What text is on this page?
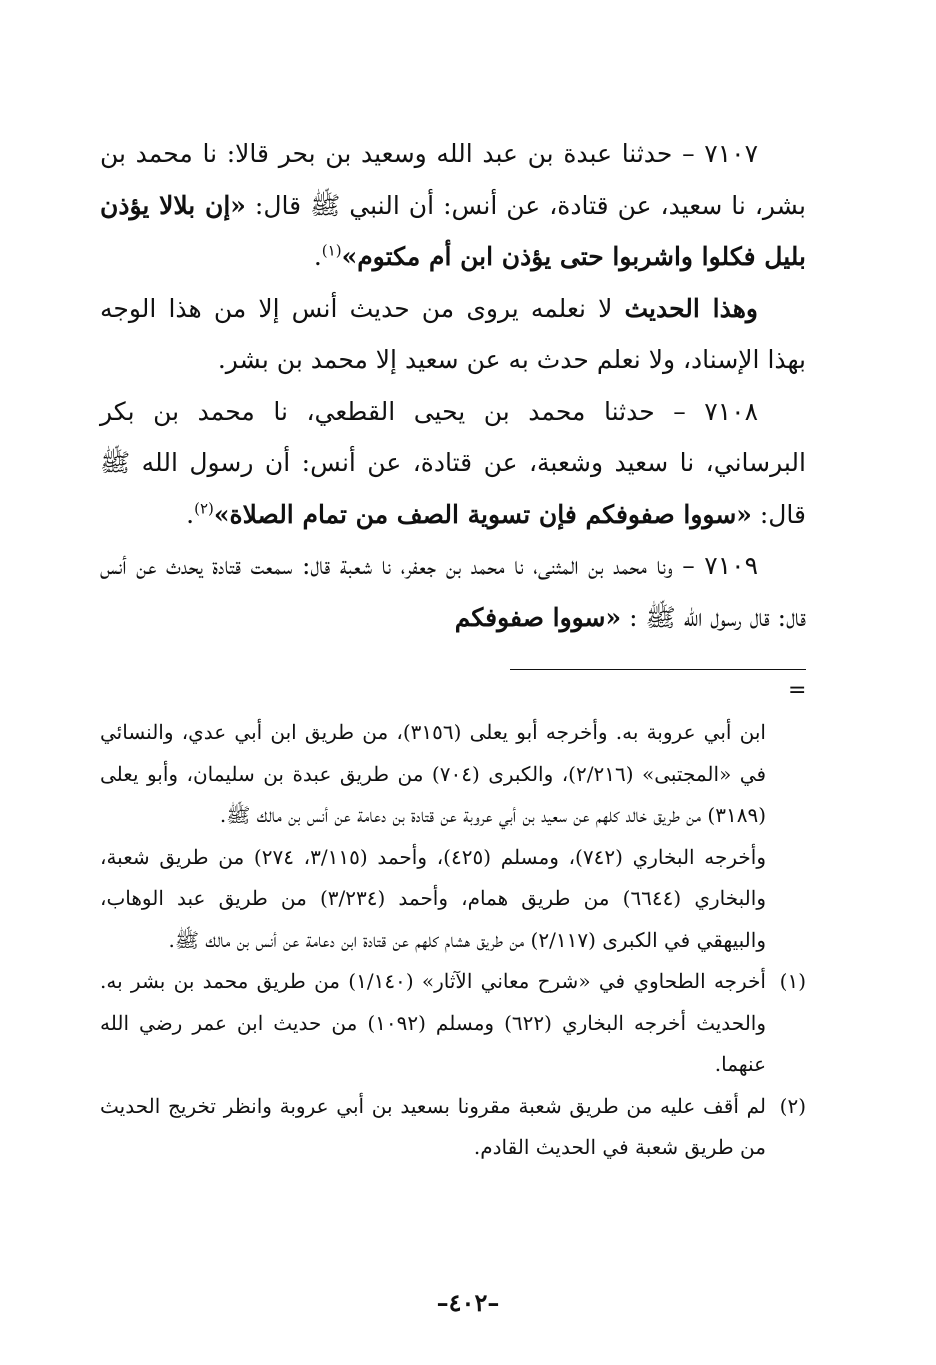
٧١٠٧ – حدثنا عبدة بن عبد الله وسعيد بن بحر قالا: نا محمد بن بشر، نا سعيد، عن قتادة، عن أنس: أن النبي ﷺ قال: «إن بلالا يؤذن بليل فكلوا واشربوا حتى يؤذن ابن أم مكتوم»$^{(١)}$.

وهذا الحديث لا نعلمه يروى من حديث أنس إلا من هذا الوجه بهذا الإسناد، ولا نعلم حدث به عن سعيد إلا محمد بن بشر.

٧١٠٨ – حدثنا محمد بن يحيى القطعي، نا محمد بن بكر البرساني، نا سعيد وشعبة، عن قتادة، عن أنس: أن رسول الله ﷺ قال: «سووا صفوفكم فإن تسوية الصف من تمام الصلاة»$^{(٢)}$.

٧١٠٩ – ونا محمد بن المثنى، نا محمد بن جعفر، نا شعبة قال: سمعت قتادة يحدث عن أنس قال: قال رسول الله ﷺ : «سووا صفوفكم

=

ابن أبي عروبة به. وأخرجه أبو يعلى (٣١٥٦)، من طريق ابن أبي عدي، والنسائي في «المجتبى» (٢/٢١٦)، والكبرى (٧٠٤) من طريق عبدة بن سليمان، وأبو يعلى (٣١٨٩) من طريق خالد كلهم عن سعيد بن أبي عروبة عن قتادة بن دعامة عن أنس بن مالك ﷺ.

وأخرجه البخاري (٧٤٢)، ومسلم (٤٢٥)، وأحمد (٣/١١٥، ٢٧٤) من طريق شعبة، والبخاري (٦٦٤٤) من طريق همام، وأحمد (٣/٢٣٤) من طريق عبد الوهاب، والبيهقي في الكبرى (٢/١١٧) من طريق هشام كلهم عن قتادة ابن دعامة عن أنس بن مالك ﷺ.

(١)
أخرجه الطحاوي في «شرح معاني الآثار» (١/١٤٠) من طريق محمد بن بشر به. والحديث أخرجه البخاري (٦٢٢) ومسلم (١٠٩٢) من حديث ابن عمر رضي الله عنهما.
(٢)
لم أقف عليه من طريق شعبة مقرونا بسعيد بن أبي عروبة وانظر تخريج الحديث من طريق شعبة في الحديث القادم.
–٤٠٢–
